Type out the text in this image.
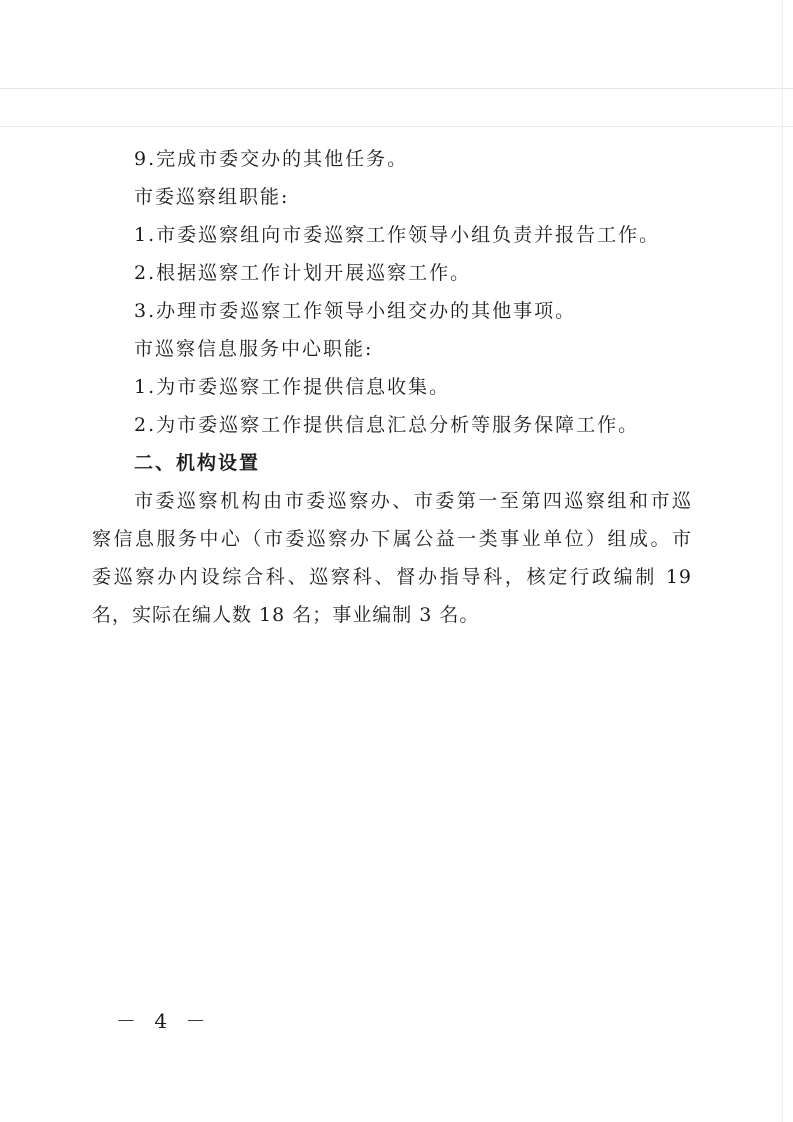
9.完成市委交办的其他任务。
市委巡察组职能:
1.市委巡察组向市委巡察工作领导小组负责并报告工作。
2.根据巡察工作计划开展巡察工作。
3.办理市委巡察工作领导小组交办的其他事项。
市巡察信息服务中心职能:
1.为市委巡察工作提供信息收集。
2.为市委巡察工作提供信息汇总分析等服务保障工作。
二、机构设置
市委巡察机构由市委巡察办、市委第一至第四巡察组和市巡
察信息服务中心（市委巡察办下属公益一类事业单位）组成。市
委巡察办内设综合科、巡察科、督办指导科，核定行政编制 19
名，实际在编人数 18 名；事业编制 3 名。
－ 4 －
